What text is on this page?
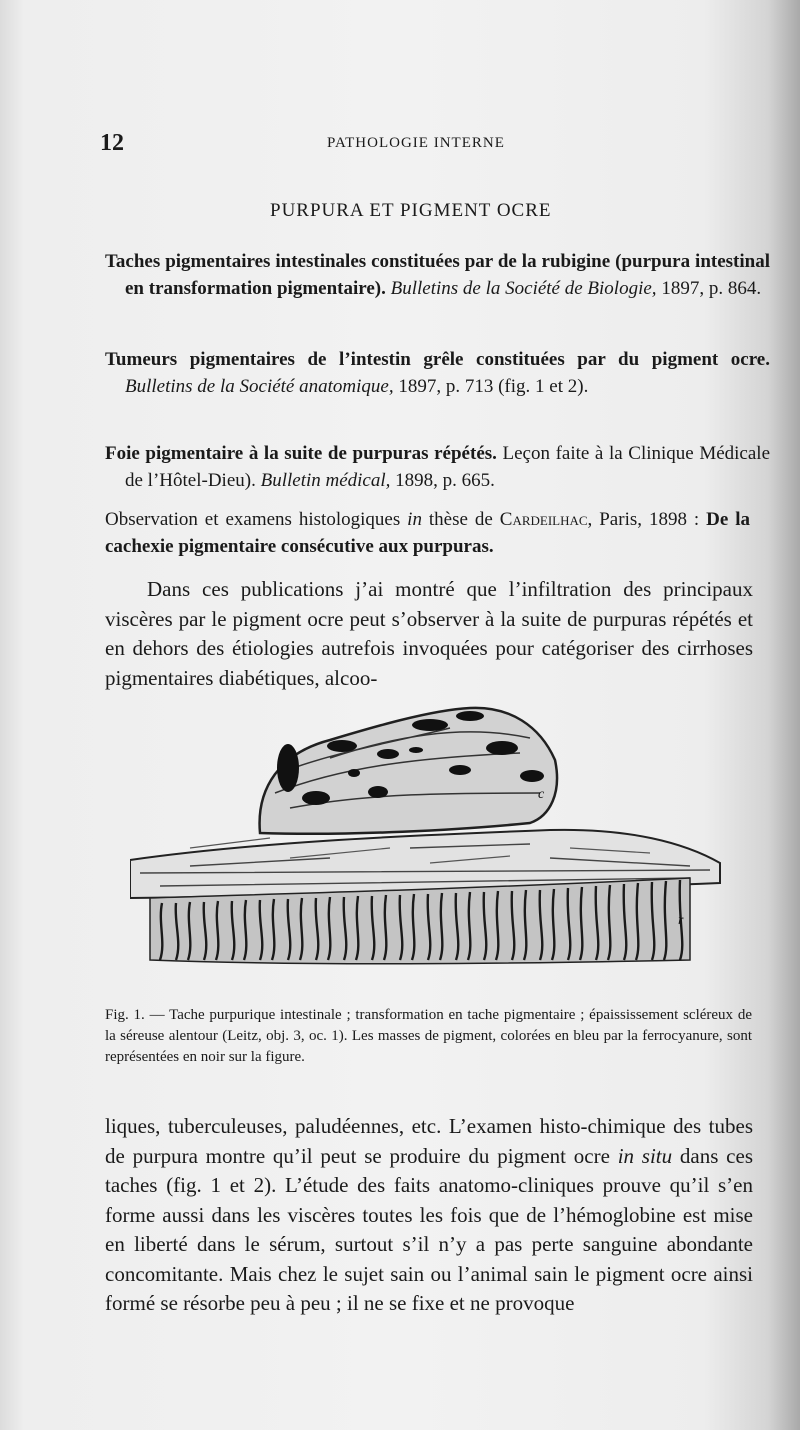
12	PATHOLOGIE INTERNE
PURPURA ET PIGMENT OCRE

Taches pigmentaires intestinales constituées par de la rubigine (purpura intestinal en transformation pigmentaire). Bulletins de la Société de Biologie, 1897, p. 864.

Tumeurs pigmentaires de l’intestin grêle constituées par du pigment ocre. Bulletins de la Société anatomique, 1897, p. 713 (fig. 1 et 2).

Foie pigmentaire à la suite de purpuras répétés. Leçon faite à la Clinique Médicale de l’Hôtel-Dieu). Bulletin médical, 1898, p. 665.

Observation et examens histologiques in thèse de Cardeilhac, Paris, 1898 : De la cachexie pigmentaire consécutive aux purpuras.

Dans ces publications j’ai montré que l’infiltration des principaux viscères par le pigment ocre peut s’observer à la suite de purpuras répétés et en dehors des étiologies autrefois invoquées pour catégoriser des cirrhoses pigmentaires diabétiques, alcoo-

c
r

Fig. 1. — Tache purpurique intestinale ; transformation en tache pigmentaire ; épaississement scléreux de la séreuse alentour (Leitz, obj. 3, oc. 1). Les masses de pigment, colorées en bleu par la ferrocyanure, sont représentées en noir sur la figure.

liques, tuberculeuses, paludéennes, etc. L’examen histo-chimique des tubes de purpura montre qu’il peut se produire du pigment ocre in situ dans ces taches (fig. 1 et 2). L’étude des faits anatomo-cliniques prouve qu’il s’en forme aussi dans les viscères toutes les fois que de l’hémoglobine est mise en liberté dans le sérum, surtout s’il n’y a pas perte sanguine abondante concomitante. Mais chez le sujet sain ou l’animal sain le pigment ocre ainsi formé se résorbe peu à peu ; il ne se fixe et ne provoque
